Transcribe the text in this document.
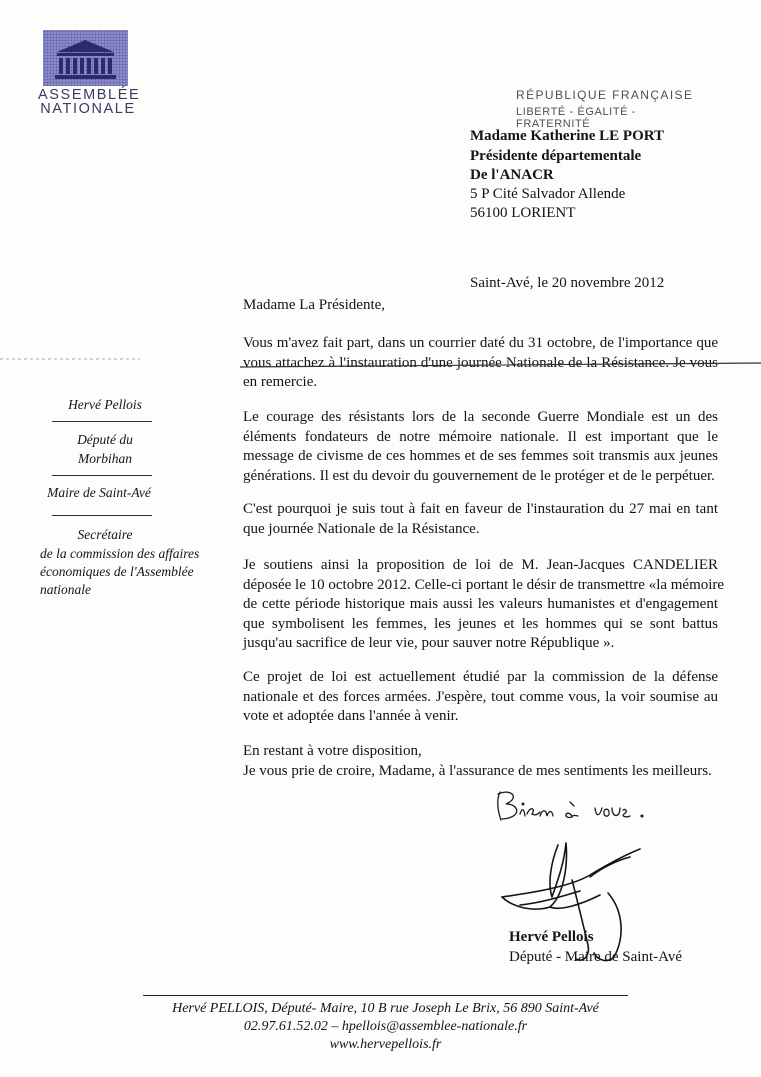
ASSEMBLÉE
NATIONALE
RÉPUBLIQUE FRANÇAISE
LIBERTÉ - ÉGALITÉ - FRATERNITÉ
Madame Katherine LE PORT
Présidente départementale
De l'ANACR
5 P Cité Salvador Allende
56100 LORIENT
Saint-Avé, le 20 novembre 2012
Madame La Présidente,
Vous m'avez fait part, dans un courrier daté du 31 octobre, de l'importance que
vous attachez à l'instauration d'une journée Nationale de la Résistance. Je vous
en remercie.
Le courage des résistants lors de la seconde Guerre Mondiale est un des
éléments fondateurs de notre mémoire nationale. Il est important que le
message de civisme de ces hommes et de ses femmes soit transmis aux jeunes
générations. Il est du devoir du gouvernement de le protéger et de le perpétuer.
C'est pourquoi je suis tout à fait en faveur de l'instauration du 27 mai en tant
que journée Nationale de la Résistance.
Je soutiens ainsi la proposition de loi de M. Jean-Jacques CANDELIER
déposée le 10 octobre 2012. Celle-ci portant le désir de transmettre «la mémoire
de cette période historique mais aussi les valeurs humanistes et d'engagement
que symbolisent les femmes, les jeunes et les hommes qui se sont battus
jusqu'au sacrifice de leur vie, pour sauver notre République ».
Ce projet de loi est actuellement étudié par la commission de la défense
nationale et des forces armées. J'espère, tout comme vous, la voir soumise au
vote et adoptée dans l'année à venir.
En restant à votre disposition,
Je vous prie de croire, Madame, à l'assurance de mes sentiments les meilleurs.
Hervé Pellois
Député du
Morbihan
Maire de Saint-Avé
Secrétaire
de la commission des affaires
économiques de l'Assemblée
nationale
Hervé Pellois
Député - Maire de Saint-Avé
Hervé PELLOIS, Député- Maire, 10 B rue Joseph Le Brix, 56 890 Saint-Avé
02.97.61.52.02 – hpellois@assemblee-nationale.fr
www.hervepellois.fr
